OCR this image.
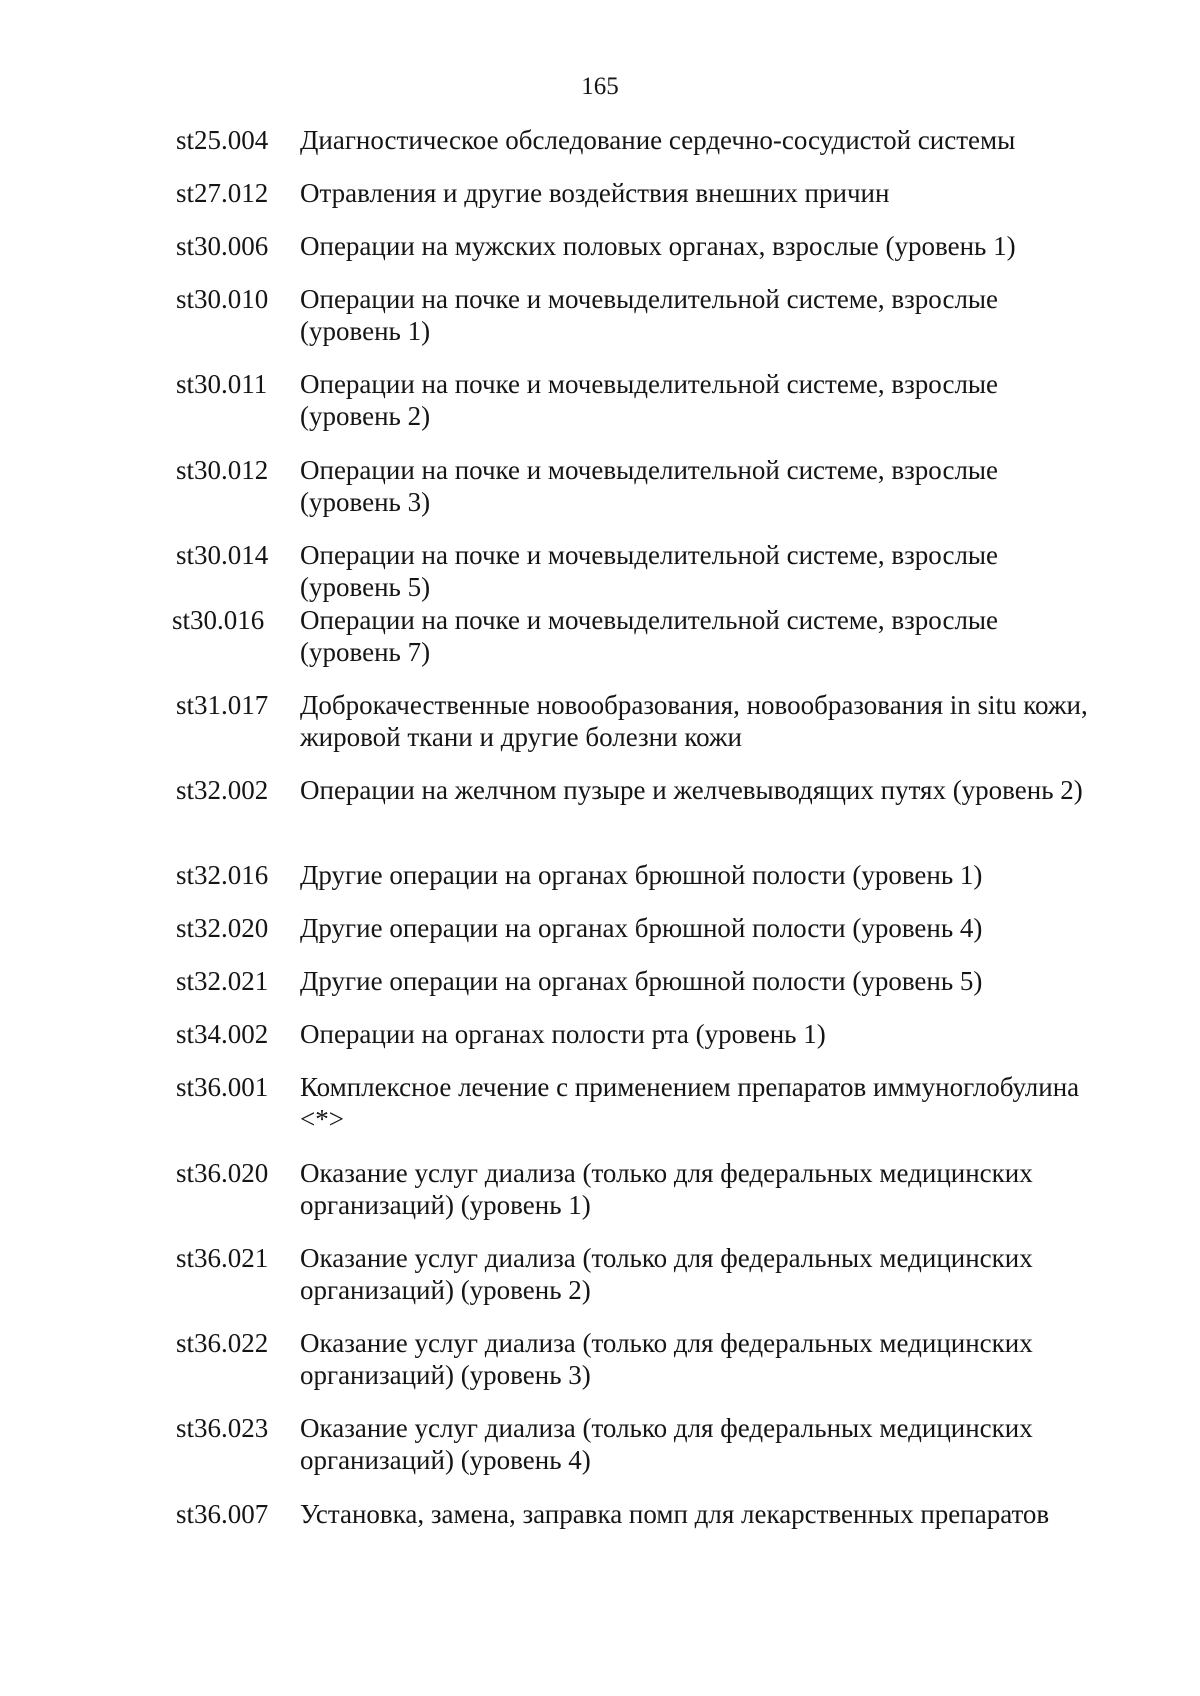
165
st25.004 Диагностическое обследование сердечно-сосудистой системы
st27.012 Отравления и другие воздействия внешних причин
st30.006 Операции на мужских половых органах, взрослые (уровень 1)
st30.010 Операции на почке и мочевыделительной системе, взрослые (уровень 1)
st30.011 Операции на почке и мочевыделительной системе, взрослые (уровень 2)
st30.012 Операции на почке и мочевыделительной системе, взрослые (уровень 3)
st30.014 Операции на почке и мочевыделительной системе, взрослые (уровень 5)
st30.016 Операции на почке и мочевыделительной системе, взрослые (уровень 7)
st31.017 Доброкачественные новообразования, новообразования in situ кожи, жировой ткани и другие болезни кожи
st32.002 Операции на желчном пузыре и желчевыводящих путях (уровень 2)
st32.016 Другие операции на органах брюшной полости (уровень 1)
st32.020 Другие операции на органах брюшной полости (уровень 4)
st32.021 Другие операции на органах брюшной полости (уровень 5)
st34.002 Операции на органах полости рта (уровень 1)
st36.001 Комплексное лечение с применением препаратов иммуноглобулина <*>
st36.020 Оказание услуг диализа (только для федеральных медицинских организаций) (уровень 1)
st36.021 Оказание услуг диализа (только для федеральных медицинских организаций) (уровень 2)
st36.022 Оказание услуг диализа (только для федеральных медицинских организаций) (уровень 3)
st36.023 Оказание услуг диализа (только для федеральных медицинских организаций) (уровень 4)
st36.007 Установка, замена, заправка помп для лекарственных препаратов
